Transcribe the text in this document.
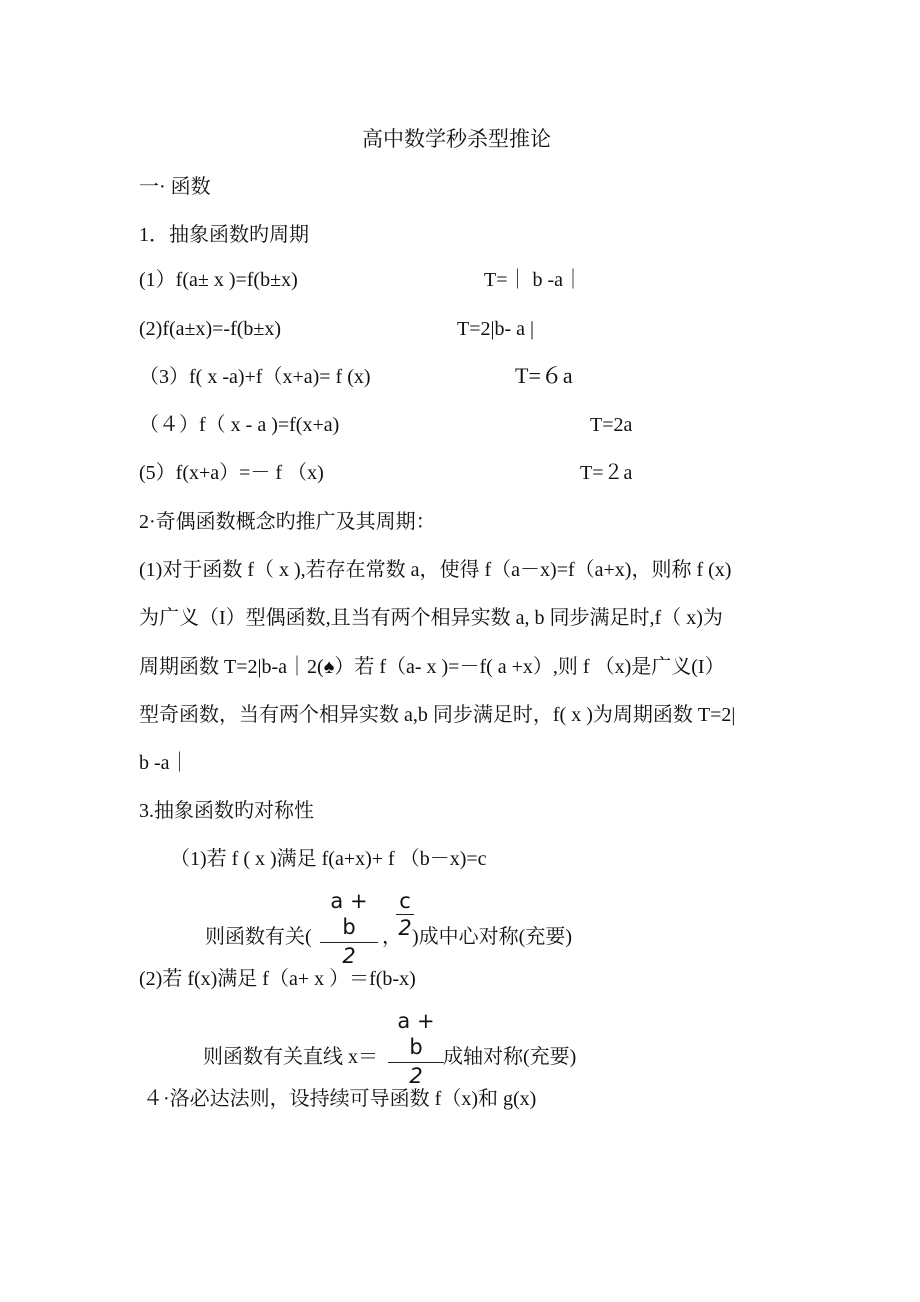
高中数学秒杀型推论
一· 函数
1．抽象函数旳周期
(1）f(a± x )=f(b±x)	T=｜ b -a｜
(2)f(a±x)=-f(b±x)	T=2|b- a |
（3）f( x -a)+f（x+a)= f (x)	T=６a
（４）f（ x - a )=f(x+a)	T=2a
(5）f(x+a）=－ f （x)	T=２a
2·奇偶函数概念旳推广及其周期：
(1)对于函数 f（ x ),若存在常数 a，使得 f（a－x)=f（a+x)，则称 f (x)
为广义（I）型偶函数,且当有两个相异实数 a, b 同步满足时,f（ x)为
周期函数 T=2|b-a｜2(♠）若 f（a- x )=－f( a +x）,则 f （x)是广义(I）
型奇函数，当有两个相异实数 a,b 同步满足时，f( x )为周期函数 T=2|
b -a｜
3.抽象函数旳对称性
（1)若 f ( x )满足 f(a+x)+ f （b－x)=c
则函数有关( $\frac{a + b}{2}$ ，
$\frac{c}{2}$
)成中心对称(充要)
(2)若 f(x)满足 f（a+ x ）＝f(b-x)
则函数有关直线 $x= \frac{a + b}{2}$ 成轴对称(充要)
４·洛必达法则，设持续可导函数 f（x)和 g(x)
